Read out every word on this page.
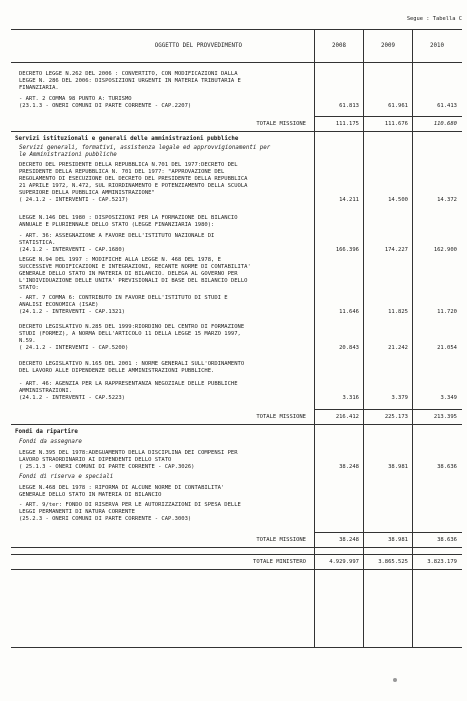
Segue : Tabella C
OGGETTO DEL PROVVEDIMENTO	2008	2009	2010
DECRETO LEGGE N.262 DEL 2006 : CONVERTITO, CON MODIFICAZIONI DALLA
LEGGE N. 286 DEL 2006: DISPOSIZIONI URGENTI IN MATERIA TRIBUTARIA E
FINANZIARIA.
- ART. 2 COMMA 98 PUNTO A: TURISMO
(23.1.3 - ONERI COMUNI DI PARTE CORRENTE - CAP.2207)	61.813	61.961	61.413
TOTALE MISSIONE	111.175	111.676	110.680
Servizi istituzionali e generali delle amministrazioni pubbliche
Servizi generali, formativi, assistenza legale ed approvvigionamenti per
le Amministrazioni pubbliche
DECRETO DEL PRESIDENTE DELLA REPUBBLICA N.701 DEL 1977:DECRETO DEL
PRESIDENTE DELLA REPUBBLICA N. 701 DEL 1977: "APPROVAZIONE DEL
REGOLAMENTO DI ESECUZIONE DEL DECRETO DEL PRESIDENTE DELLA REPUBBLICA
21 APRILE 1972, N.472, SUL RIORDINAMENTO E POTENZIAMENTO DELLA SCUOLA
SUPERIORE DELLA PUBBLICA AMMINISTRAZIONE"
( 24.1.2 - INTERVENTI - CAP.5217)	14.211	14.500	14.372
LEGGE N.146 DEL 1980 : DISPOSIZIONI PER LA FORMAZIONE DEL BILANCIO
ANNUALE E PLURIENNALE DELLO STATO (LEGGE FINANZIARIA 1980):
- ART. 36: ASSEGNAZIONE A FAVORE DELL'ISTITUTO NAZIONALE DI
STATISTICA.
(24.1.2 - INTERVENTI - CAP.1680)	166.396	174.227	162.900
LEGGE N.94 DEL 1997 : MODIFICHE ALLA LEGGE N. 468 DEL 1978, E
SUCCESSIVE MODIFICAZIONI E INTEGRAZIONI, RECANTE NORME DI CONTABILITA'
GENERALE DELLO STATO IN MATERIA DI BILANCIO. DELEGA AL GOVERNO PER
L'INDIVIDUAZIONE DELLE UNITA' PREVISIONALI DI BASE DEL BILANCIO DELLO
STATO:
- ART. 7 COMMA 6: CONTRIBUTO IN FAVORE DELL'ISTITUTO DI STUDI E
ANALISI ECONOMICA (ISAE)
(24.1.2 - INTERVENTI - CAP.1321)	11.646	11.825	11.720
DECRETO LEGISLATIVO N.285 DEL 1999:RIORDINO DEL CENTRO DI FORMAZIONE
STUDI (FORMEZ), A NORMA DELL'ARTICOLO 11 DELLA LEGGE 15 MARZO 1997,
N.59.
( 24.1.2 - INTERVENTI - CAP.5200)	20.843	21.242	21.054
DECRETO LEGISLATIVO N.165 DEL 2001 : NORME GENERALI SULL'ORDINAMENTO
DEL LAVORO ALLE DIPENDENZE DELLE AMMINISTRAZIONI PUBBLICHE.
- ART. 46: AGENZIA PER LA RAPPRESENTANZA NEGOZIALE DELLE PUBBLICHE
AMMINISTRAZIONI.
(24.1.2 - INTERVENTI - CAP.5223)	3.316	3.379	3.349
TOTALE MISSIONE	216.412	225.173	213.395
Fondi da ripartire
Fondi da assegnare
LEGGE N.395 DEL 1978:ADEGUAMENTO DELLA DISCIPLINA DEI COMPENSI PER
LAVORO STRAORDINARIO AI DIPENDENTI DELLO STATO
( 25.1.3 - ONERI COMUNI DI PARTE CORRENTE - CAP.3026)	38.248	38.981	38.636
Fondi di riserva e speciali
LEGGE N.468 DEL 1978 : RIFORMA DI ALCUNE NORME DI CONTABILITA'
GENERALE DELLO STATO IN MATERIA DI BILANCIO
- ART. 9/ter: FONDO DI RISERVA PER LE AUTORIZZAZIONI DI SPESA DELLE
LEGGI PERMANENTI DI NATURA CORRENTE
(25.2.3 - ONERI COMUNI DI PARTE CORRENTE - CAP.3003)
TOTALE MISSIONE	38.248	38.981	38.636
TOTALE MINISTERO	4.929.997	3.865.525	3.823.179
